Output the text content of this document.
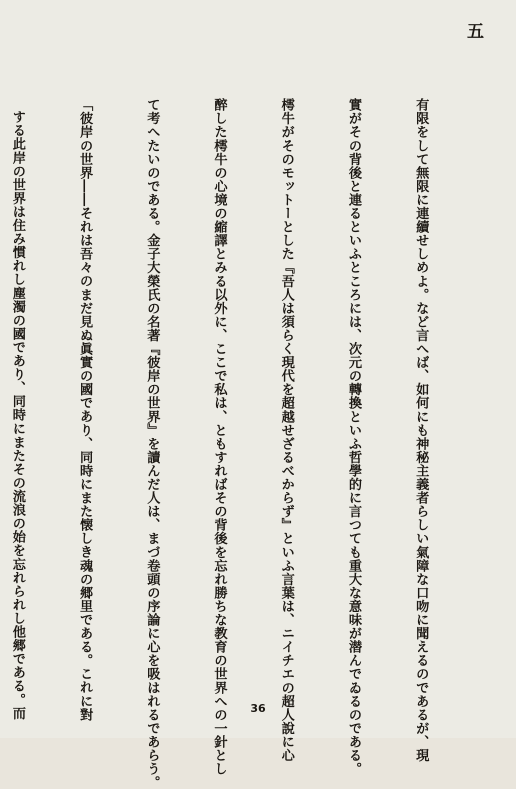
五

有限をして無限に連續せしめよ。など言へば、如何にも神秘主義者らしい氣障な口吻に聞えるのであるが、現

實がその背後と連るといふところには、次元の轉換といふ哲學的に言つても重大な意味が潜んでゐるのである。

樗牛がそのモットーとした『吾人は須らく現代を超越せざるべからず』といふ言葉は、ニイチエの超人說に心

醉した樗牛の心境の縮譯とみる以外に、ここで私は、ともすればその背後を忘れ勝ちな教育の世界への一針とし

て考へたいのである。金子大榮氏の名著『彼岸の世界』を讀んだ人は、まづ卷頭の序論に心を吸はれるであらう。

「彼岸の世界――それは吾々のまだ見ぬ眞實の國であり、同時にまた懐しき魂の郷里である。これに對

する此岸の世界は住み慣れし塵濁の國であり、同時にまたその流浪の始を忘れられし他郷である。而

	36
